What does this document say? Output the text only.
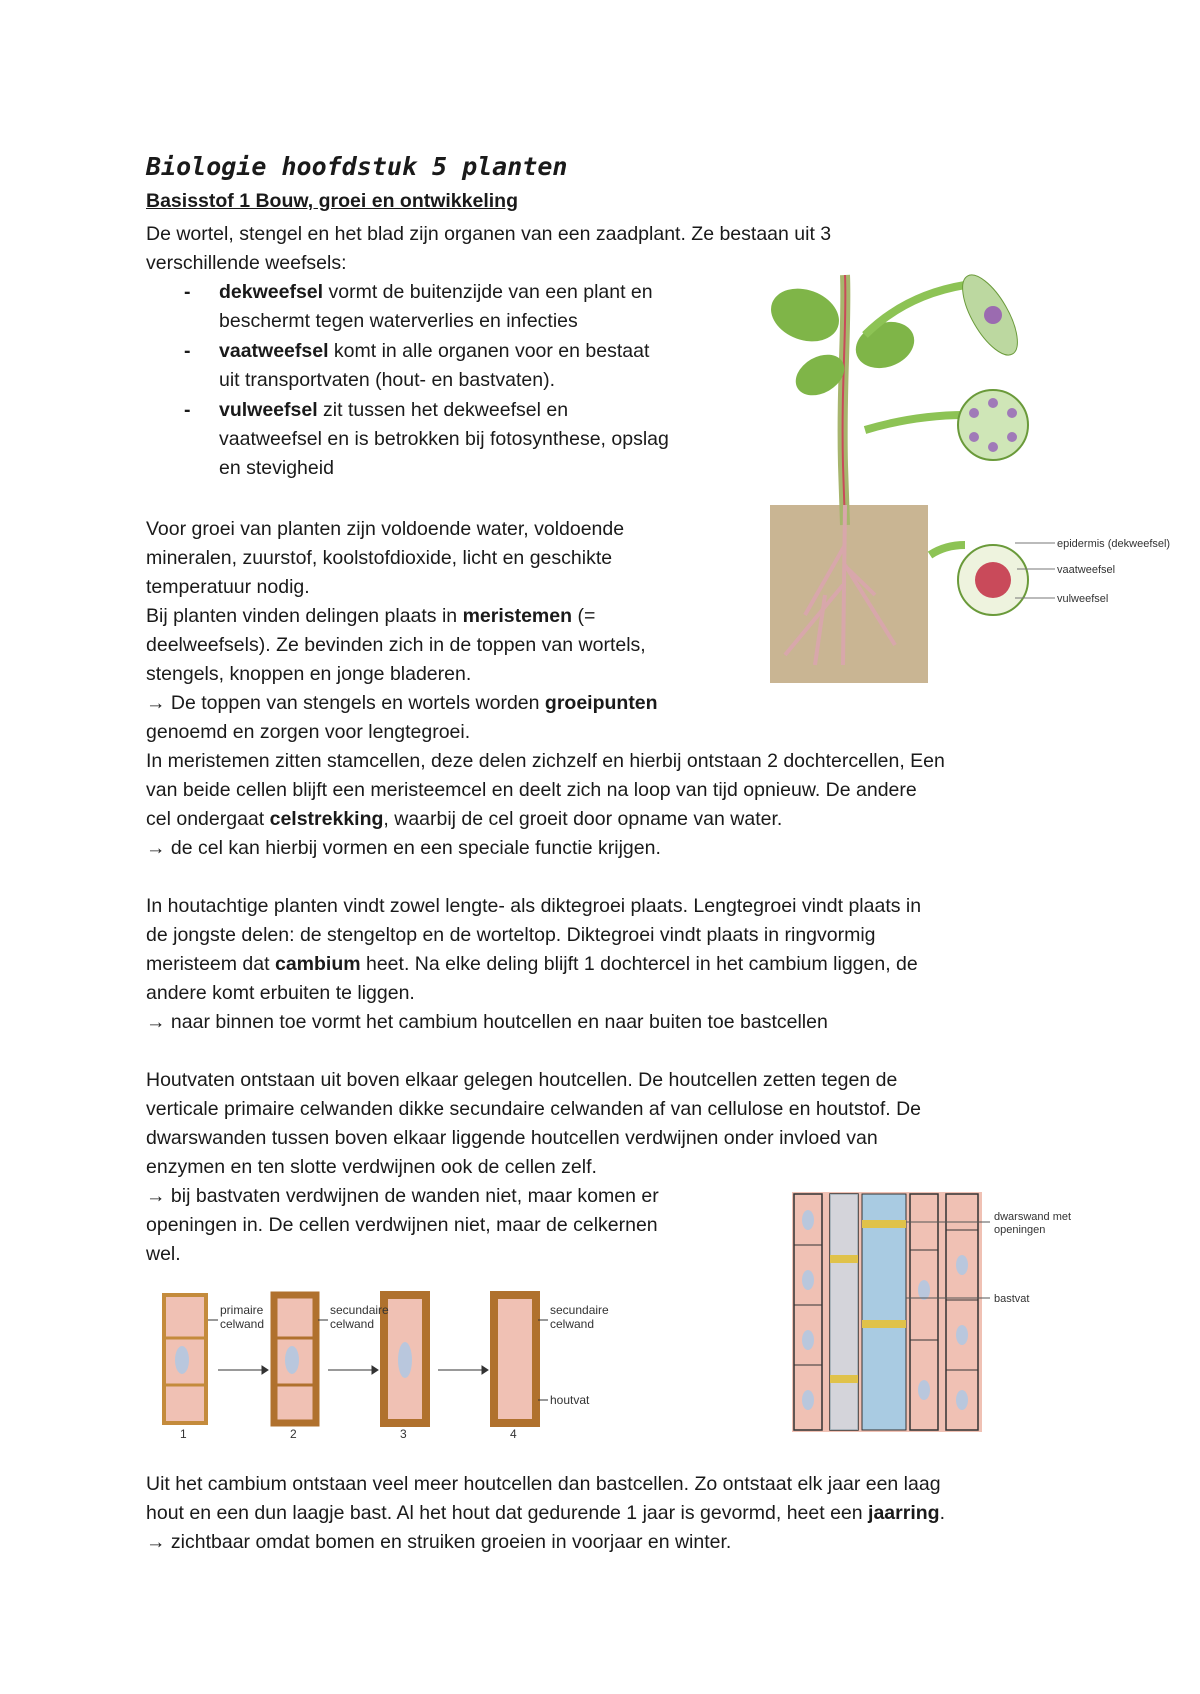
Biologie hoofdstuk 5 planten

Basisstof 1 Bouw, groei en ontwikkeling

De wortel, stengel en het blad zijn organen van een zaadplant. Ze bestaan uit 3

verschillende weefsels:

- dekweefsel vormt de buitenzijde van een plant en
beschermt tegen waterverlies en infecties
- vaatweefsel komt in alle organen voor en bestaat
uit transportvaten (hout- en bastvaten).
- vulweefsel zit tussen het dekweefsel en
vaatweefsel en is betrokken bij fotosynthese, opslag
en stevigheid

Voor groei van planten zijn voldoende water, voldoende

mineralen, zuurstof, koolstofdioxide, licht en geschikte

temperatuur nodig.

Bij planten vinden delingen plaats in meristemen (=

deelweefsels). Ze bevinden zich in de toppen van wortels,

stengels, knoppen en jonge bladeren.

→ De toppen van stengels en wortels worden groeipunten

genoemd en zorgen voor lengtegroei.

In meristemen zitten stamcellen, deze delen zichzelf en hierbij ontstaan 2 dochtercellen, Een

van beide cellen blijft een meristeemcel en deelt zich na loop van tijd opnieuw. De andere

cel ondergaat celstrekking, waarbij de cel groeit door opname van water.

→ de cel kan hierbij vormen en een speciale functie krijgen.

In houtachtige planten vindt zowel lengte- als diktegroei plaats. Lengtegroei vindt plaats in

de jongste delen: de stengeltop en de worteltop. Diktegroei vindt plaats in ringvormig

meristeem dat cambium heet. Na elke deling blijft 1 dochtercel in het cambium liggen, de

andere komt erbuiten te liggen.

→ naar binnen toe vormt het cambium houtcellen en naar buiten toe bastcellen

Houtvaten ontstaan uit boven elkaar gelegen houtcellen. De houtcellen zetten tegen de

verticale primaire celwanden dikke secundaire celwanden af van cellulose en houtstof. De

dwarswanden tussen boven elkaar liggende houtcellen verdwijnen onder invloed van

enzymen en ten slotte verdwijnen ook de cellen zelf.

→ bij bastvaten verdwijnen de wanden niet, maar komen er

openingen in. De cellen verdwijnen niet, maar de celkernen

wel.

Uit het cambium ontstaan veel meer houtcellen dan bastcellen. Zo ontstaat elk jaar een laag

hout en een dun laagje bast. Al het hout dat gedurende 1 jaar is gevormd, heet een jaarring.

→ zichtbaar omdat bomen en struiken groeien in voorjaar en winter.

epidermis (dekweefsel)
vaatweefsel
vulweefsel
primaire
celwand
secundaire
celwand
secundaire
celwand
houtvat
1	2	3	4
dwarswand met
openingen
bastvat
